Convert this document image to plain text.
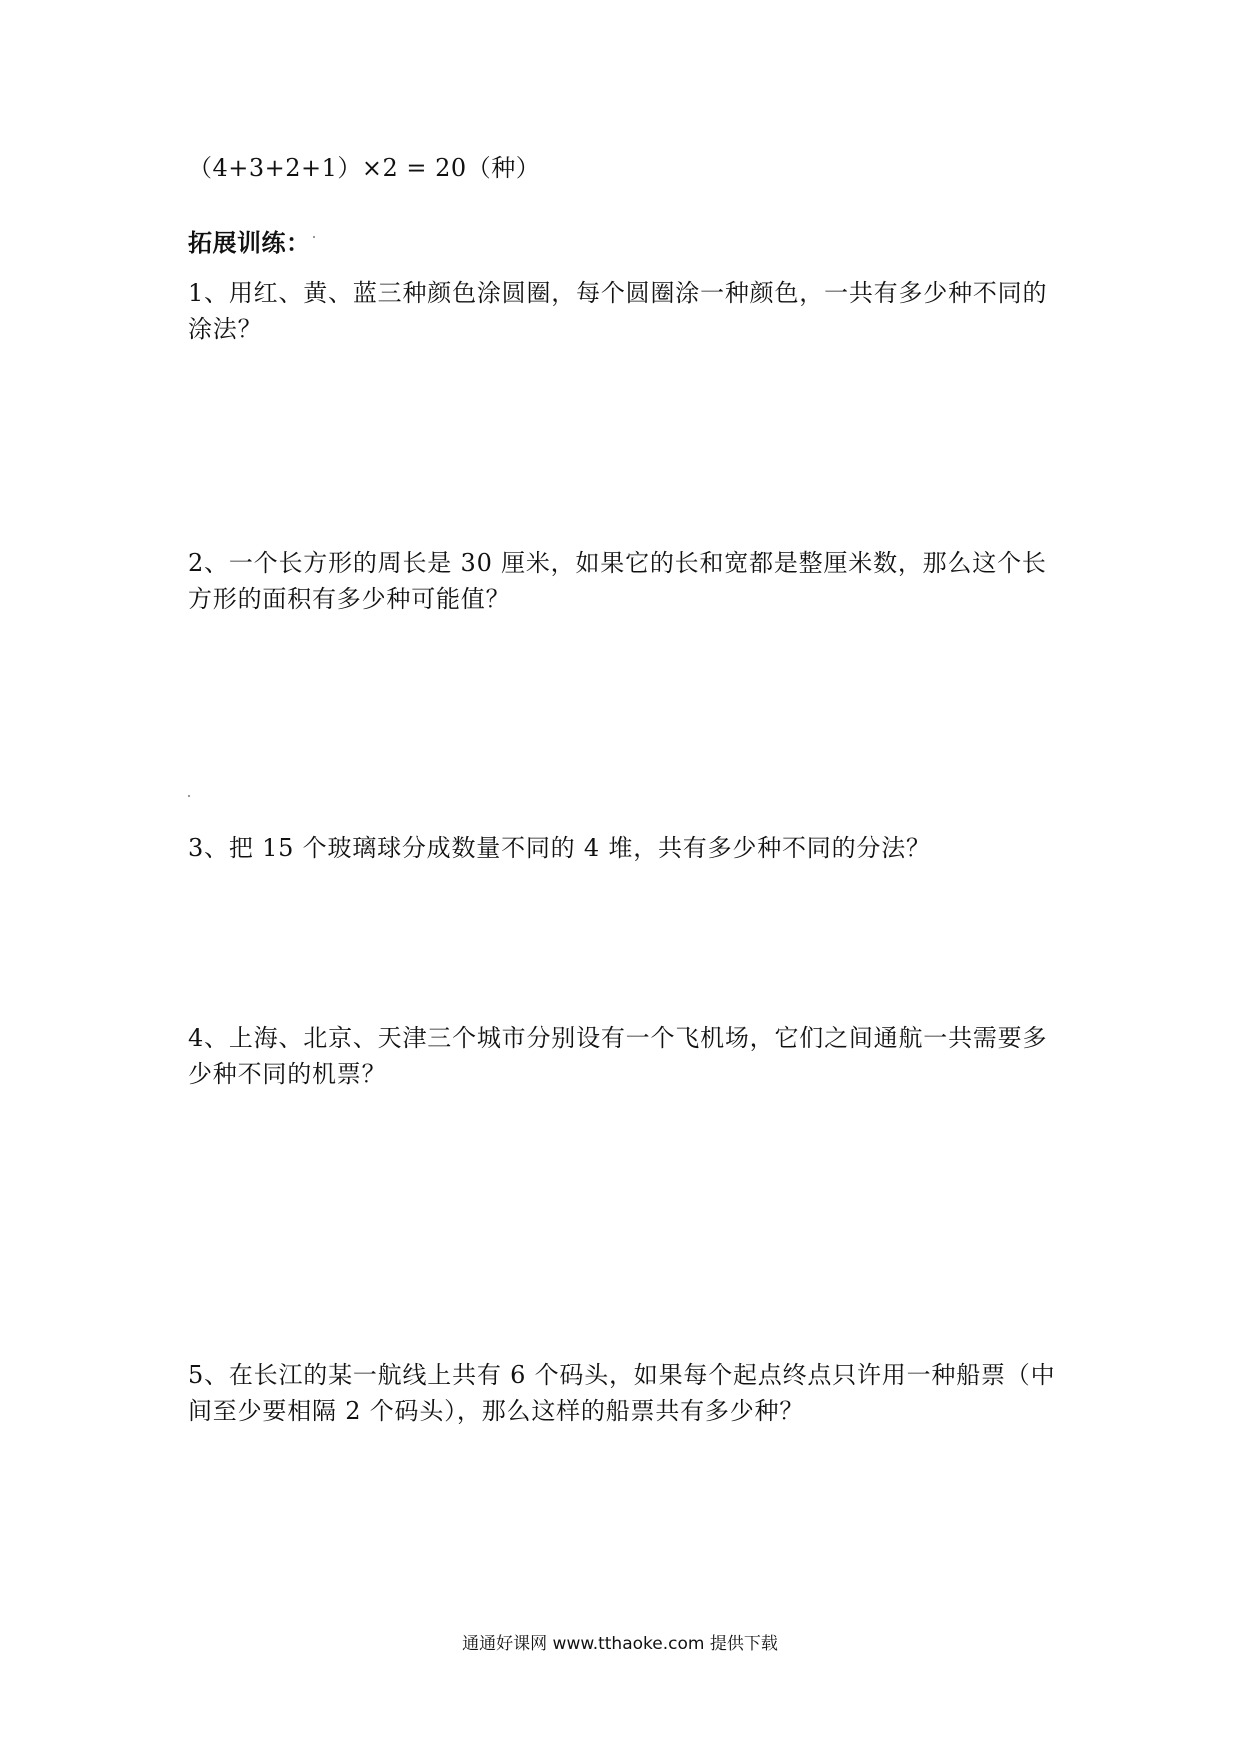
（4+3+2+1）×2 = 20（种）
拓展训练：
1、用红、黄、蓝三种颜色涂圆圈，每个圆圈涂一种颜色，一共有多少种不同的涂法？
2、一个长方形的周长是 30 厘米，如果它的长和宽都是整厘米数，那么这个长方形的面积有多少种可能值？
3、把 15 个玻璃球分成数量不同的 4 堆，共有多少种不同的分法？
4、上海、北京、天津三个城市分别设有一个飞机场，它们之间通航一共需要多少种不同的机票？
5、在长江的某一航线上共有 6 个码头，如果每个起点终点只许用一种船票（中间至少要相隔 2 个码头），那么这样的船票共有多少种？
通通好课网 www.tthaoke.com 提供下载
